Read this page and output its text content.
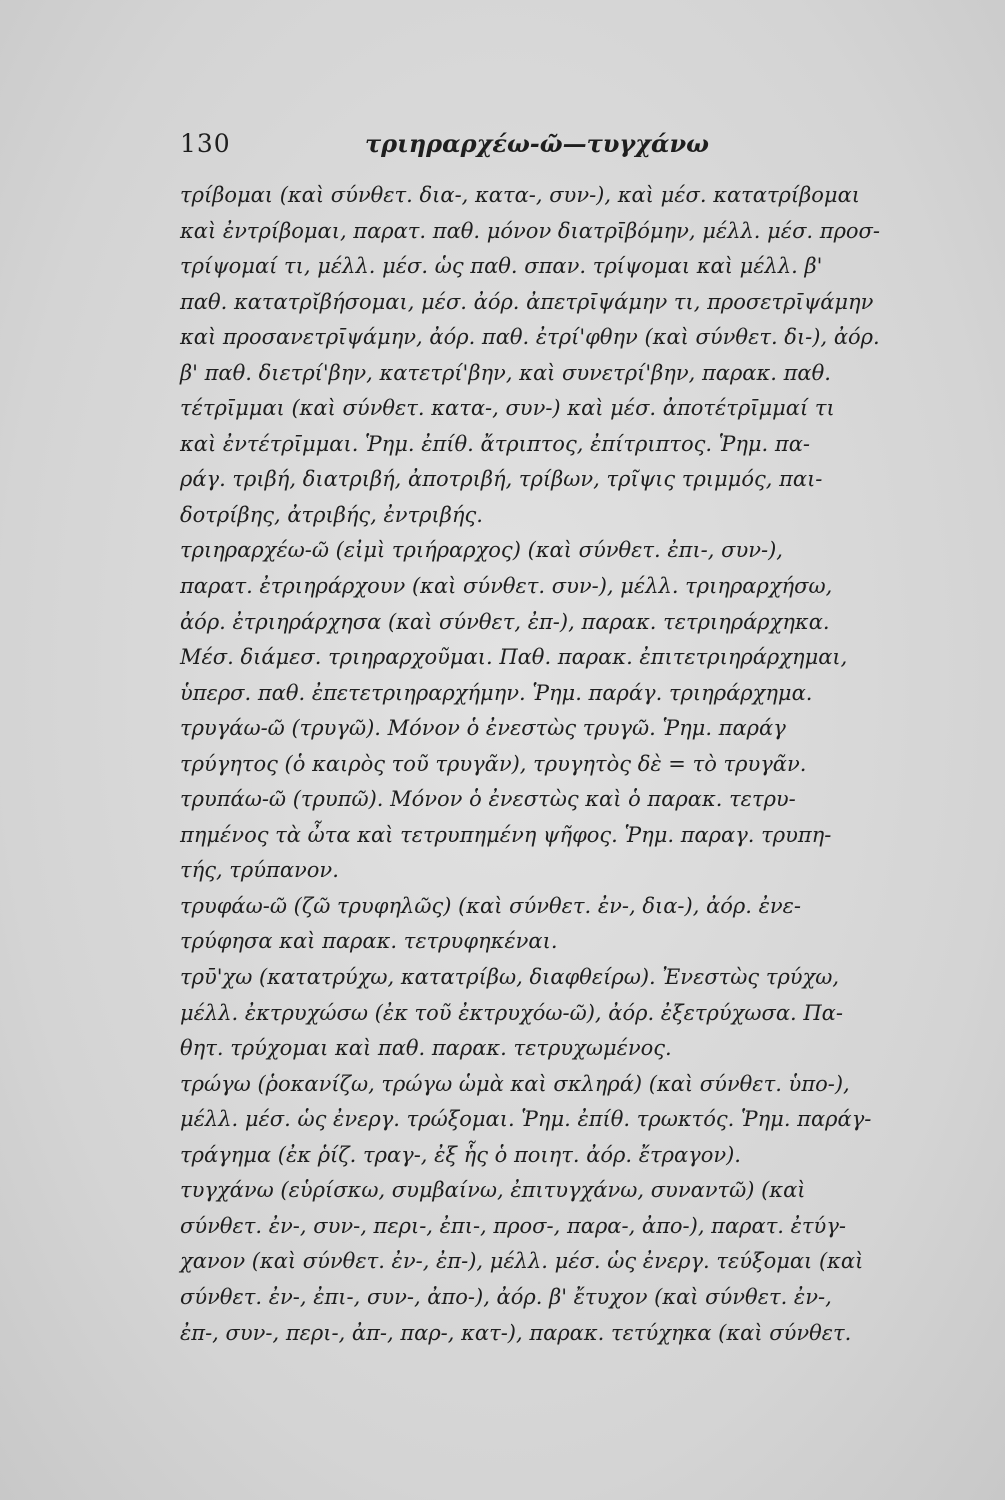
130	τριηραρχέω-ῶ—τυγχάνω
τρίβομαι (καὶ σύνθετ. δια-, κατα-, συν-), καὶ μέσ. κατατρίβομαι
καὶ ἐντρίβομαι, παρατ. παθ. μόνον διατρῑβόμην, μέλλ. μέσ. προσ-
τρίψομαί τι, μέλλ. μέσ. ὡς παθ. σπαν. τρίψομαι καὶ μέλλ. β'
παθ. κατατρῐβήσομαι, μέσ. ἀόρ. ἀπετρῑψάμην τι, προσετρῑψάμην
καὶ προσανετρῑψάμην, ἀόρ. παθ. ἐτρί'φθην (καὶ σύνθετ. δι-), ἀόρ.
β' παθ. διετρί'βην, κατετρί'βην, καὶ συνετρί'βην, παρακ. παθ.
τέτρῑμμαι (καὶ σύνθετ. κατα-, συν-) καὶ μέσ. ἀποτέτρῑμμαί τι
καὶ ἐντέτρῑμμαι. Ῥημ. ἐπίθ. ἄτριπτος, ἐπίτριπτος. Ῥημ. πα-
ράγ. τριβή, διατριβή, ἀποτριβή, τρίβων, τρῖψις τριμμός, παι-
δοτρίβης, ἀτριβής, ἐντριβής.
τριηραρχέω-ῶ (εἰμὶ τριήραρχος) (καὶ σύνθετ. ἐπι-, συν-),
παρατ. ἐτριηράρχουν (καὶ σύνθετ. συν-), μέλλ. τριηραρχήσω,
ἀόρ. ἐτριηράρχησα (καὶ σύνθετ, ἐπ-), παρακ. τετριηράρχηκα.
Μέσ. διάμεσ. τριηραρχοῦμαι. Παθ. παρακ. ἐπιτετριηράρχημαι,
ὑπερσ. παθ. ἐπετετριηραρχήμην. Ῥημ. παράγ. τριηράρχημα.
τρυγάω-ῶ (τρυγῶ). Μόνον ὁ ἐνεστὼς τρυγῶ. Ῥημ. παράγ
τρύγητος (ὁ καιρὸς τοῦ τρυγᾶν), τρυγητὸς δὲ = τὸ τρυγᾶν.
τρυπάω-ῶ (τρυπῶ). Μόνον ὁ ἐνεστὼς καὶ ὁ παρακ. τετρυ-
πημένος τὰ ὦτα καὶ τετρυπημένη ψῆφος. Ῥημ. παραγ. τρυπη-
τής, τρύπανον.
τρυφάω-ῶ (ζῶ τρυφηλῶς) (καὶ σύνθετ. ἐν-, δια-), ἀόρ. ἐνε-
τρύφησα καὶ παρακ. τετρυφηκέναι.
τρῡ'χω (κατατρύχω, κατατρίβω, διαφθείρω). Ἐνεστὼς τρύχω,
μέλλ. ἐκτρυχώσω (ἐκ τοῦ ἐκτρυχόω-ῶ), ἀόρ. ἐξετρύχωσα. Πα-
θητ. τρύχομαι καὶ παθ. παρακ. τετρυχωμένος.
τρώγω (ῥοκανίζω, τρώγω ὡμὰ καὶ σκληρά) (καὶ σύνθετ. ὑπο-),
μέλλ. μέσ. ὡς ἐνεργ. τρώξομαι. Ῥημ. ἐπίθ. τρωκτός. Ῥημ. παράγ-
τράγημα (ἐκ ῥίζ. τραγ-, ἐξ ἧς ὁ ποιητ. ἀόρ. ἔτραγον).
τυγχάνω (εὑρίσκω, συμβαίνω, ἐπιτυγχάνω, συναντῶ) (καὶ
σύνθετ. ἐν-, συν-, περι-, ἐπι-, προσ-, παρα-, ἀπο-), παρατ. ἐτύγ-
χανον (καὶ σύνθετ. ἐν-, ἐπ-), μέλλ. μέσ. ὡς ἐνεργ. τεύξομαι (καὶ
σύνθετ. ἐν-, ἐπι-, συν-, ἀπο-), ἀόρ. β' ἔτυχον (καὶ σύνθετ. ἐν-,
ἐπ-, συν-, περι-, ἀπ-, παρ-, κατ-), παρακ. τετύχηκα (καὶ σύνθετ.
